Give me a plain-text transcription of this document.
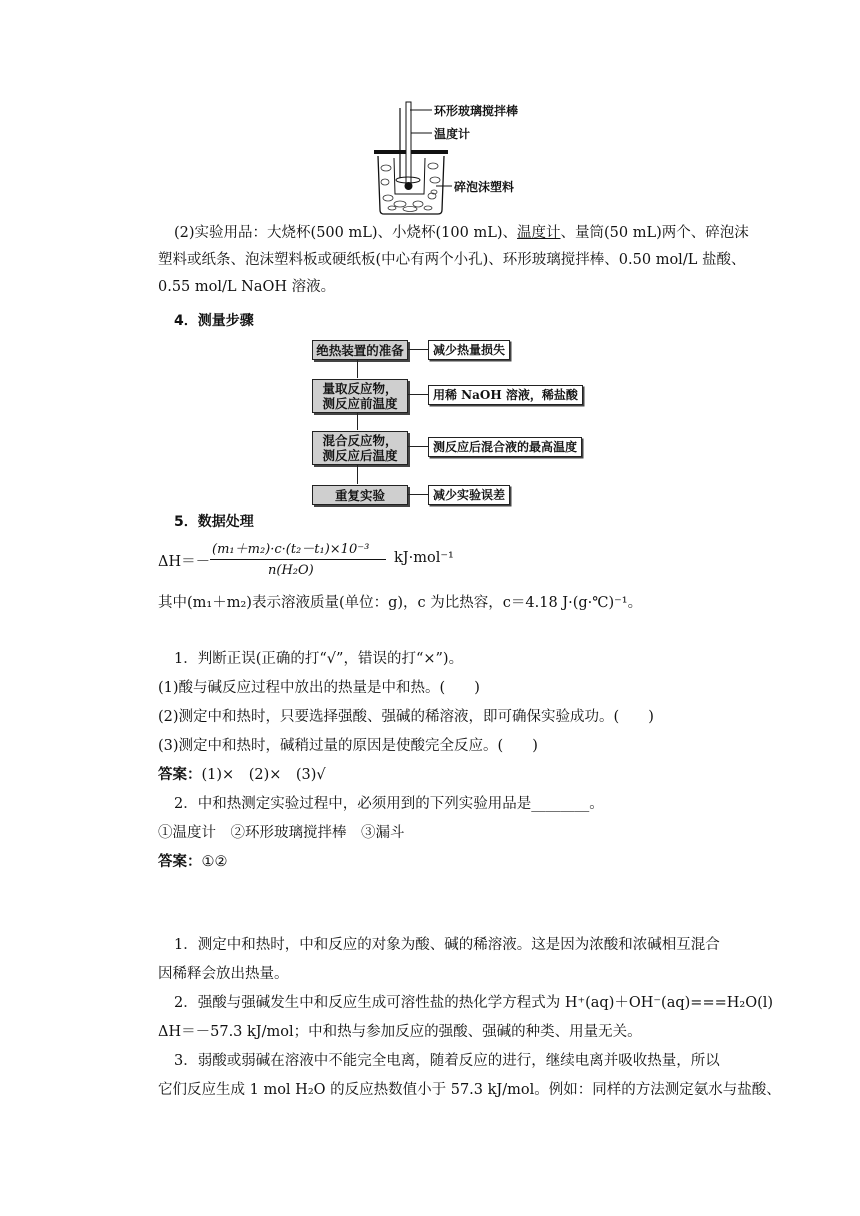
环形玻璃搅拌棒
温度计
碎泡沫塑料
(2)实验用品：大烧杯(500 mL)、小烧杯(100 mL)、温度计、量筒(50 mL)两个、碎泡沫
塑料或纸条、泡沫塑料板或硬纸板(中心有两个小孔)、环形玻璃搅拌棒、0.50 mol/L 盐酸、
0.55 mol/L NaOH 溶液。
4．测量步骤
绝热装置的准备
量取反应物，
测反应前温度
混合反应物，
测反应后温度
重复实验
减少热量损失
用稀 NaOH 溶液，稀盐酸
测反应后混合液的最高温度
减少实验误差
5．数据处理
ΔH＝－
(m₁＋m₂)·c·(t₂－t₁)×10⁻³
n(H₂O)
kJ·mol⁻¹
其中(m₁＋m₂)表示溶液质量(单位：g)，c 为比热容，c＝4.18 J·(g·℃)⁻¹。
1．判断正误(正确的打“√”，错误的打“×”)。
(1)酸与碱反应过程中放出的热量是中和热。(　　)
(2)测定中和热时，只要选择强酸、强碱的稀溶液，即可确保实验成功。(　　)
(3)测定中和热时，碱稍过量的原因是使酸完全反应。(　　)
答案：(1)×　(2)×　(3)√
2．中和热测定实验过程中，必须用到的下列实验用品是________。
①温度计　②环形玻璃搅拌棒　③漏斗
答案：①②
1．测定中和热时，中和反应的对象为酸、碱的稀溶液。这是因为浓酸和浓碱相互混合
因稀释会放出热量。
2．强酸与强碱发生中和反应生成可溶性盐的热化学方程式为 H⁺(aq)＋OH⁻(aq)===H₂O(l)
ΔH＝－57.3 kJ/mol；中和热与参加反应的强酸、强碱的种类、用量无关。
3．弱酸或弱碱在溶液中不能完全电离，随着反应的进行，继续电离并吸收热量，所以
它们反应生成 1 mol H₂O 的反应热数值小于 57.3 kJ/mol。例如：同样的方法测定氨水与盐酸、
